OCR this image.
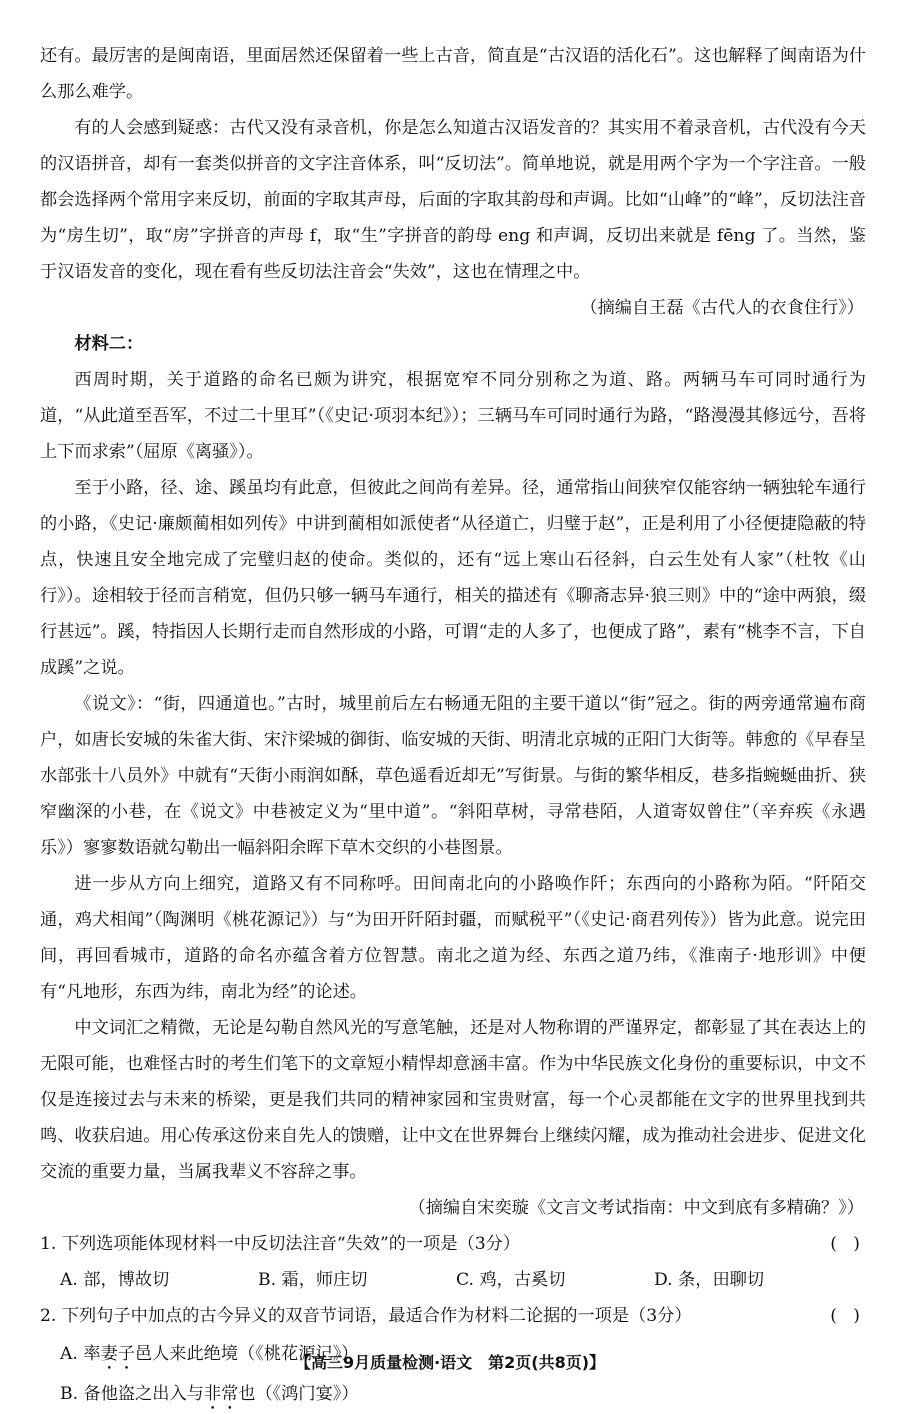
还有。最厉害的是闽南语，里面居然还保留着一些上古音，简直是“古汉语的活化石”。这也解释了闽南语为什么那么难学。

有的人会感到疑惑：古代又没有录音机，你是怎么知道古汉语发音的？其实用不着录音机，古代没有今天的汉语拼音，却有一套类似拼音的文字注音体系，叫“反切法”。简单地说，就是用两个字为一个字注音。一般都会选择两个常用字来反切，前面的字取其声母，后面的字取其韵母和声调。比如“山峰”的“峰”，反切法注音为“房生切”，取“房”字拼音的声母 f，取“生”字拼音的韵母 eng 和声调，反切出来就是 fēng 了。当然，鉴于汉语发音的变化，现在看有些反切法注音会“失效”，这也在情理之中。

（摘编自王磊《古代人的衣食住行》）

材料二：

西周时期，关于道路的命名已颇为讲究，根据宽窄不同分别称之为道、路。两辆马车可同时通行为道，“从此道至吾军，不过二十里耳”（《史记·项羽本纪》）；三辆马车可同时通行为路，“路漫漫其修远兮，吾将上下而求索”（屈原《离骚》）。

至于小路，径、途、蹊虽均有此意，但彼此之间尚有差异。径，通常指山间狭窄仅能容纳一辆独轮车通行的小路，《史记·廉颇蔺相如列传》中讲到蔺相如派使者“从径道亡，归璧于赵”，正是利用了小径便捷隐蔽的特点，快速且安全地完成了完璧归赵的使命。类似的，还有“远上寒山石径斜，白云生处有人家”（杜牧《山行》）。途相较于径而言稍宽，但仍只够一辆马车通行，相关的描述有《聊斋志异·狼三则》中的“途中两狼，缀行甚远”。蹊，特指因人长期行走而自然形成的小路，可谓“走的人多了，也便成了路”，素有“桃李不言，下自成蹊”之说。

《说文》：“街，四通道也。”古时，城里前后左右畅通无阻的主要干道以“街”冠之。街的两旁通常遍布商户，如唐长安城的朱雀大街、宋汴梁城的御街、临安城的天街、明清北京城的正阳门大街等。韩愈的《早春呈水部张十八员外》中就有“天街小雨润如酥，草色遥看近却无”写街景。与街的繁华相反，巷多指蜿蜒曲折、狭窄幽深的小巷，在《说文》中巷被定义为“里中道”。“斜阳草树，寻常巷陌，人道寄奴曾住”（辛弃疾《永遇乐》）寥寥数语就勾勒出一幅斜阳余晖下草木交织的小巷图景。

进一步从方向上细究，道路又有不同称呼。田间南北向的小路唤作阡；东西向的小路称为陌。“阡陌交通，鸡犬相闻”（陶渊明《桃花源记》）与“为田开阡陌封疆，而赋税平”（《史记·商君列传》）皆为此意。说完田间，再回看城市，道路的命名亦蕴含着方位智慧。南北之道为经、东西之道乃纬，《淮南子·地形训》中便有“凡地形，东西为纬，南北为经”的论述。

中文词汇之精微，无论是勾勒自然风光的写意笔触，还是对人物称谓的严谨界定，都彰显了其在表达上的无限可能，也难怪古时的考生们笔下的文章短小精悍却意涵丰富。作为中华民族文化身份的重要标识，中文不仅是连接过去与未来的桥梁，更是我们共同的精神家园和宝贵财富，每一个心灵都能在文字的世界里找到共鸣、收获启迪。用心传承这份来自先人的馈赠，让中文在世界舞台上继续闪耀，成为推动社会进步、促进文化交流的重要力量，当属我辈义不容辞之事。

（摘编自宋奕璇《文言文考试指南：中文到底有多精确？》）

1. 下列选项能体现材料一中反切法注音“失效”的一项是（3分）	(   )
A. 部，博故切	B. 霜，师庄切	C. 鸡，古奚切	D. 条，田聊切
2. 下列句子中加点的古今异义的双音节词语，最适合作为材料二论据的一项是（3分）	(   )

A. 率妻子邑人来此绝境（《桃花源记》）

B. 备他盗之出入与非常也（《鸿门宴》）

【高三9月质量检测·语文　第2页(共8页)】
